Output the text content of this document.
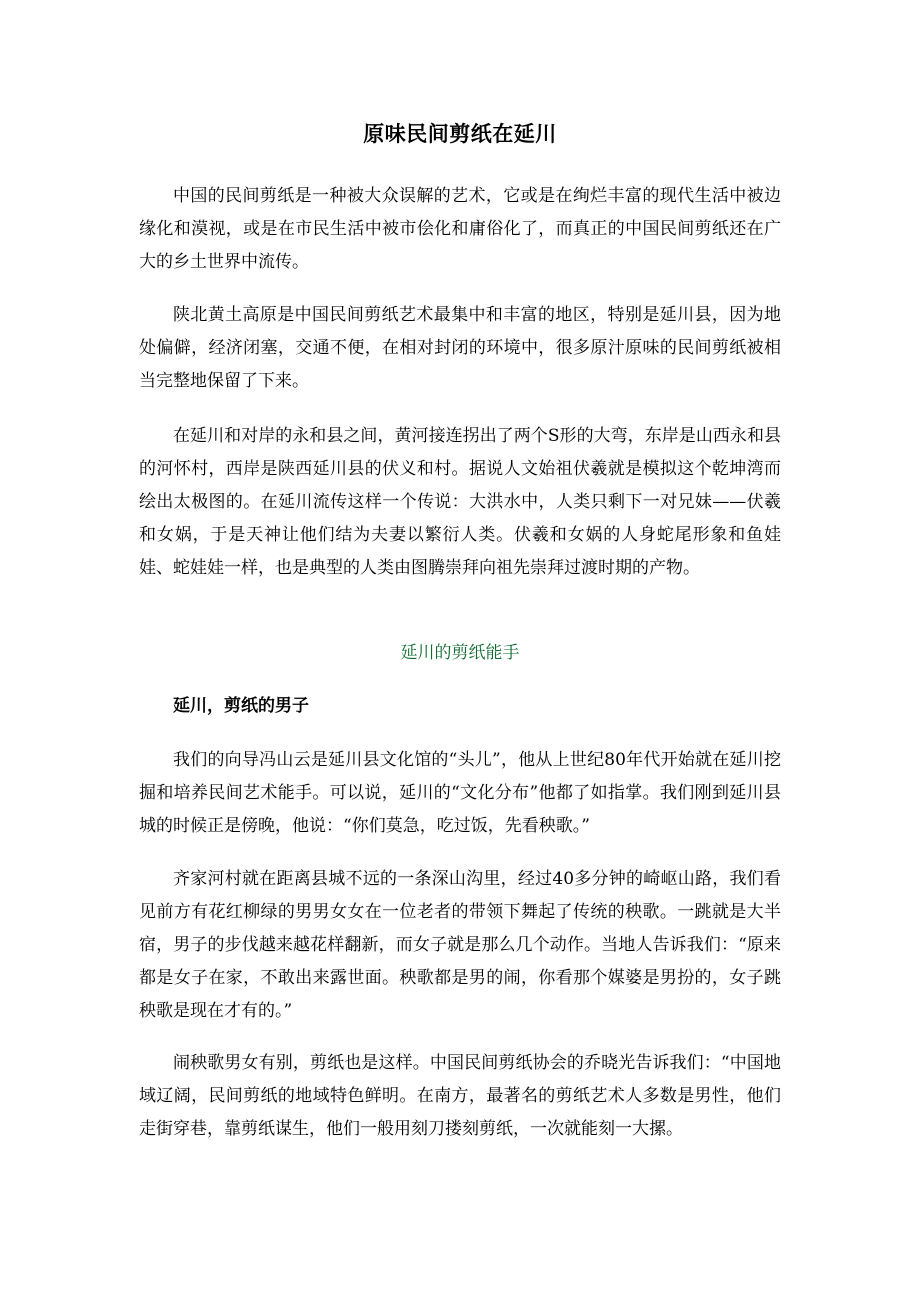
原味民间剪纸在延川

中国的民间剪纸是一种被大众误解的艺术，它或是在绚烂丰富的现代生活中被边缘化和漠视，或是在市民生活中被市侩化和庸俗化了，而真正的中国民间剪纸还在广大的乡土世界中流传。

陕北黄土高原是中国民间剪纸艺术最集中和丰富的地区，特别是延川县，因为地处偏僻，经济闭塞，交通不便，在相对封闭的环境中，很多原汁原味的民间剪纸被相当完整地保留了下来。

在延川和对岸的永和县之间，黄河接连拐出了两个S形的大弯，东岸是山西永和县的河怀村，西岸是陕西延川县的伏义和村。据说人文始祖伏羲就是模拟这个乾坤湾而绘出太极图的。在延川流传这样一个传说：大洪水中，人类只剩下一对兄妹——伏羲和女娲，于是天神让他们结为夫妻以繁衍人类。伏羲和女娲的人身蛇尾形象和鱼娃娃、蛇娃娃一样，也是典型的人类由图腾崇拜向祖先崇拜过渡时期的产物。

延川的剪纸能手
延川，剪纸的男子

我们的向导冯山云是延川县文化馆的“头儿”，他从上世纪80年代开始就在延川挖掘和培养民间艺术能手。可以说，延川的“文化分布”他都了如指掌。我们刚到延川县城的时候正是傍晚，他说：“你们莫急，吃过饭，先看秧歌。”

齐家河村就在距离县城不远的一条深山沟里，经过40多分钟的崎岖山路，我们看见前方有花红柳绿的男男女女在一位老者的带领下舞起了传统的秧歌。一跳就是大半宿，男子的步伐越来越花样翻新，而女子就是那么几个动作。当地人告诉我们：“原来都是女子在家，不敢出来露世面。秧歌都是男的闹，你看那个媒婆是男扮的，女子跳秧歌是现在才有的。”

闹秧歌男女有别，剪纸也是这样。中国民间剪纸协会的乔晓光告诉我们：“中国地域辽阔，民间剪纸的地域特色鲜明。在南方，最著名的剪纸艺术人多数是男性，他们走街穿巷，靠剪纸谋生，他们一般用刻刀搂刻剪纸，一次就能刻一大摞。
